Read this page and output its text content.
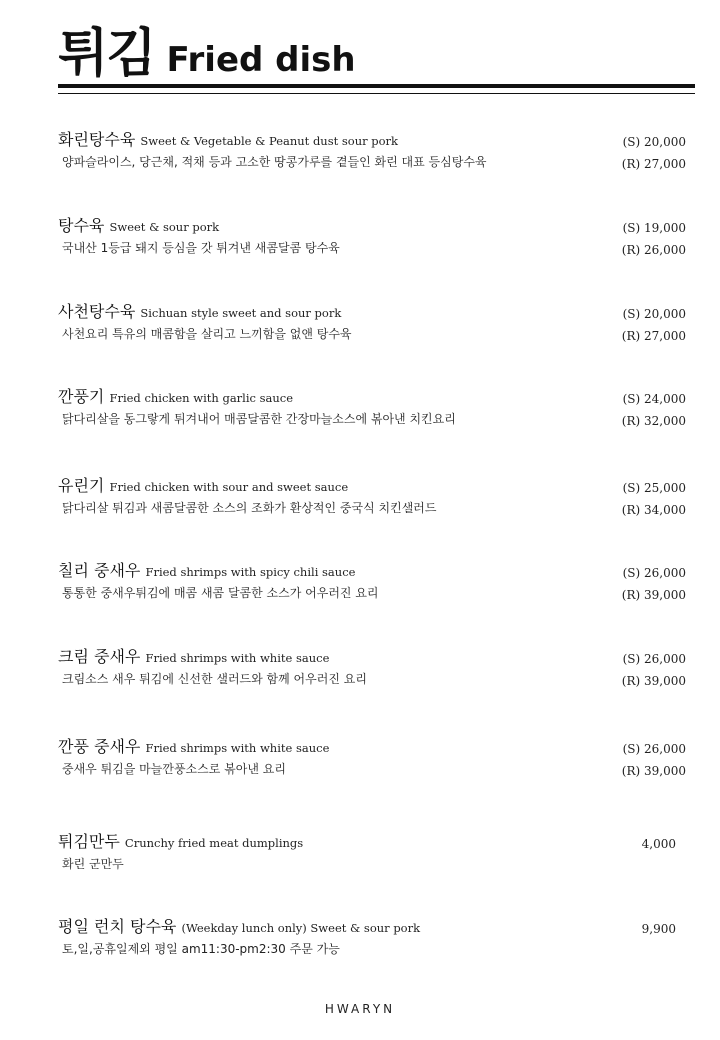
튀김 Fried dish
화린탕수육 Sweet & Vegetable & Peanut dust sour pork
양파슬라이스, 당근채, 적채 등과 고소한 땅콩가루를 곁들인 화린 대표 등심탕수육
(S) 20,000
(R) 27,000
탕수육 Sweet & sour pork
국내산 1등급 돼지 등심을 갓 튀겨낸 새콤달콤 탕수육
(S) 19,000
(R) 26,000
사천탕수육 Sichuan style sweet and sour pork
사천요리 특유의 매콤함을 살리고 느끼함을 없앤 탕수육
(S) 20,000
(R) 27,000
깐풍기 Fried chicken with garlic sauce
닭다리살을 동그랗게 튀겨내어 매콤달콤한 간장마늘소스에 볶아낸 치킨요리
(S) 24,000
(R) 32,000
유린기 Fried chicken with sour and sweet sauce
닭다리살 튀김과 새콤달콤한 소스의 조화가 환상적인 중국식 치킨샐러드
(S) 25,000
(R) 34,000
칠리 중새우 Fried shrimps with spicy chili sauce
통통한 중새우튀김에 매콤 새콤 달콤한 소스가 어우러진 요리
(S) 26,000
(R) 39,000
크림 중새우 Fried shrimps with white sauce
크림소스 새우 튀김에 신선한 샐러드와 함께 어우러진 요리
(S) 26,000
(R) 39,000
깐풍 중새우 Fried shrimps with white sauce
중새우 튀김을 마늘깐풍소스로 볶아낸 요리
(S) 26,000
(R) 39,000
튀김만두 Crunchy fried meat dumplings
화린 군만두
4,000
평일 런치 탕수육 (Weekday lunch only) Sweet & sour pork
토,일,공휴일제외 평일 am11:30-pm2:30 주문 가능
9,900
HWARYN
